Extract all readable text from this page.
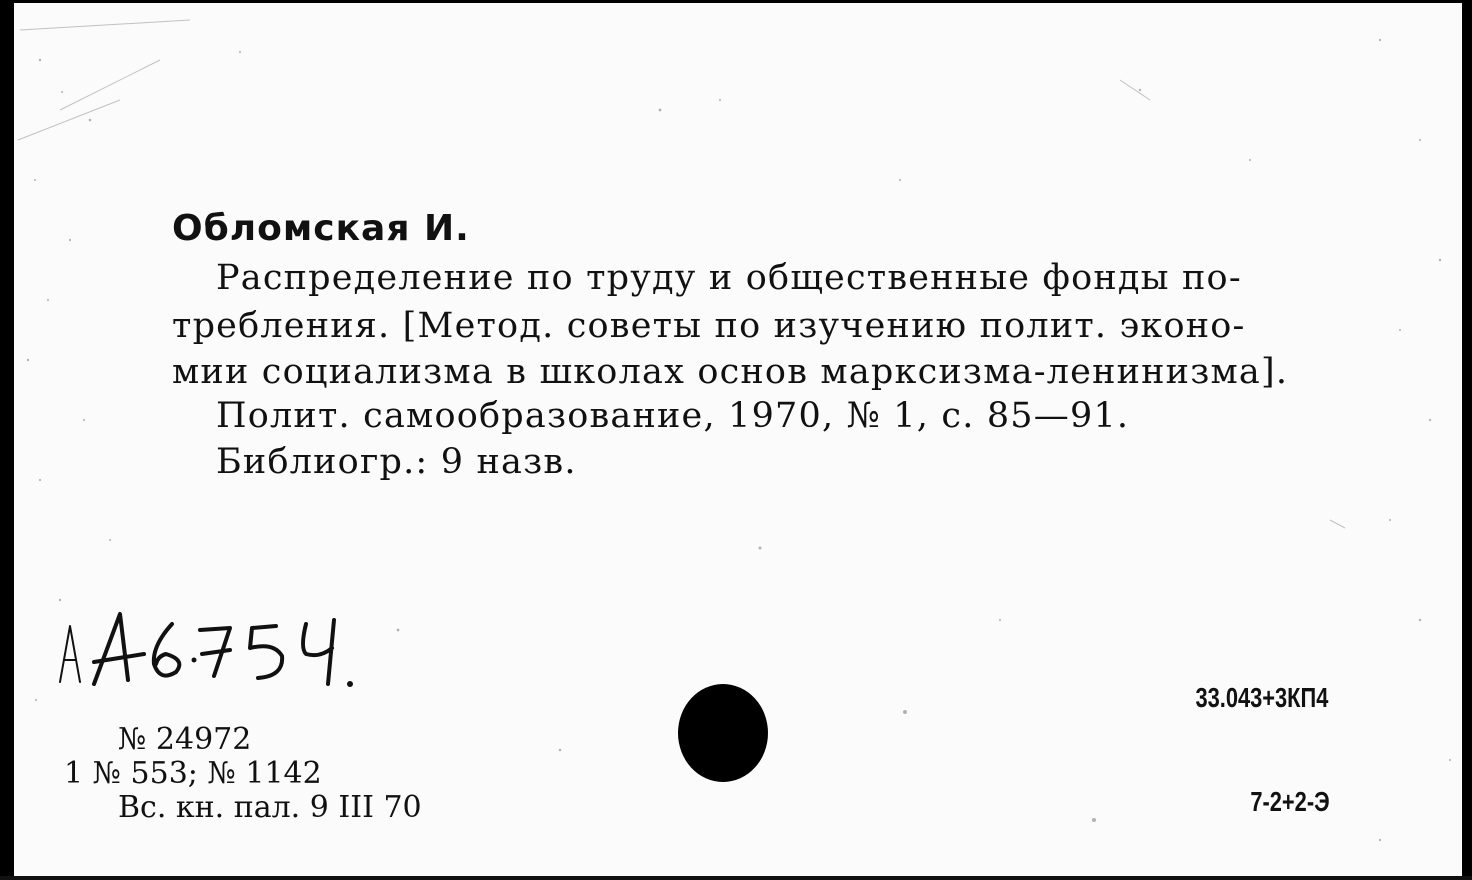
Обломская И.
Распределение по труду и общественные фонды по-
требления. [Метод. советы по изучению полит. эконо-
мии социализма в школах основ марксизма-ленинизма].
Полит. самообразование, 1970, № 1, с. 85—91.
Библиогр.: 9 назв.
А А6754.
№ 24972
1 № 553; № 1142
Вс. кн. пал. 9 III 70
33.043+3КП4
7-2+2-Э
